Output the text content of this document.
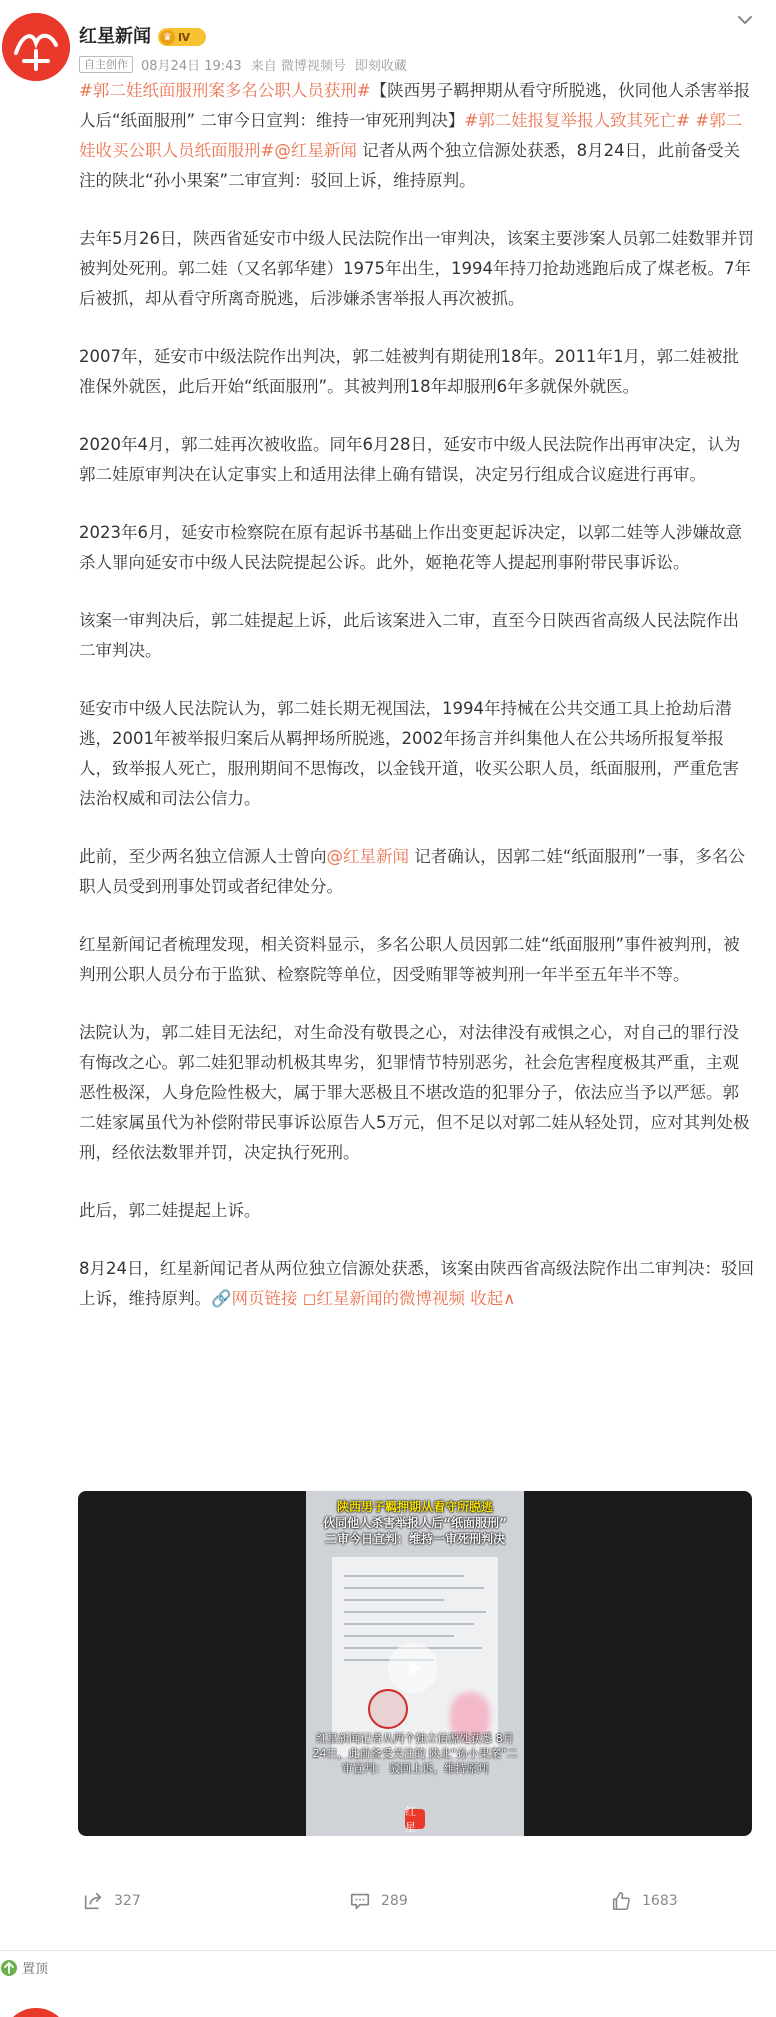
红星新闻	♛ Ⅳ
自主创作	08月24日 19:43 来自 微博视频号 即刻收藏

#郭二娃纸面服刑案多名公职人员获刑#【陕西男子羁押期从看守所脱逃，伙同他人杀害举报人后“纸面服刑” 二审今日宣判：维持一审死刑判决】#郭二娃报复举报人致其死亡# #郭二娃收买公职人员纸面服刑#@红星新闻 记者从两个独立信源处获悉，8月24日，此前备受关注的陕北“孙小果案”二审宣判：驳回上诉，维持原判。

去年5月26日，陕西省延安市中级人民法院作出一审判决，该案主要涉案人员郭二娃数罪并罚被判处死刑。郭二娃（又名郭华建）1975年出生，1994年持刀抢劫逃跑后成了煤老板。7年后被抓，却从看守所离奇脱逃，后涉嫌杀害举报人再次被抓。

2007年，延安市中级法院作出判决，郭二娃被判有期徒刑18年。2011年1月，郭二娃被批准保外就医，此后开始“纸面服刑”。其被判刑18年却服刑6年多就保外就医。

2020年4月，郭二娃再次被收监。同年6月28日，延安市中级人民法院作出再审决定，认为郭二娃原审判决在认定事实上和适用法律上确有错误，决定另行组成合议庭进行再审。

2023年6月，延安市检察院在原有起诉书基础上作出变更起诉决定，以郭二娃等人涉嫌故意杀人罪向延安市中级人民法院提起公诉。此外，姬艳花等人提起刑事附带民事诉讼。

该案一审判决后，郭二娃提起上诉，此后该案进入二审，直至今日陕西省高级人民法院作出二审判决。

延安市中级人民法院认为，郭二娃长期无视国法，1994年持械在公共交通工具上抢劫后潜逃，2001年被举报归案后从羁押场所脱逃，2002年扬言并纠集他人在公共场所报复举报人，致举报人死亡，服刑期间不思悔改，以金钱开道，收买公职人员，纸面服刑，严重危害法治权威和司法公信力。

此前，至少两名独立信源人士曾向@红星新闻 记者确认，因郭二娃“纸面服刑”一事，多名公职人员受到刑事处罚或者纪律处分。

红星新闻记者梳理发现，相关资料显示，多名公职人员因郭二娃“纸面服刑”事件被判刑，被判刑公职人员分布于监狱、检察院等单位，因受贿罪等被判刑一年半至五年半不等。

法院认为，郭二娃目无法纪，对生命没有敬畏之心，对法律没有戒惧之心，对自己的罪行没有悔改之心。郭二娃犯罪动机极其卑劣，犯罪情节特别恶劣，社会危害程度极其严重，主观恶性极深，人身危险性极大，属于罪大恶极且不堪改造的犯罪分子，依法应当予以严惩。郭二娃家属虽代为补偿附带民事诉讼原告人5万元，但不足以对郭二娃从轻处罚，应对其判处极刑，经依法数罪并罚，决定执行死刑。

此后，郭二娃提起上诉。

8月24日，红星新闻记者从两位独立信源处获悉，该案由陕西省高级法院作出二审判决：驳回上诉，维持原判。🔗网页链接 ◻红星新闻的微博视频 收起∧

陕西男子羁押期从看守所脱逃
伙同他人杀害举报人后“纸面服刑”
二审今日宣判：维持一审死刑判决
红星新闻记者从两个独立信源处获悉 8月24日，此前备受关注的 陕北“孙小果案”二审宣判： 驳回上诉，维持原判
红星
327	289	1683
置顶
